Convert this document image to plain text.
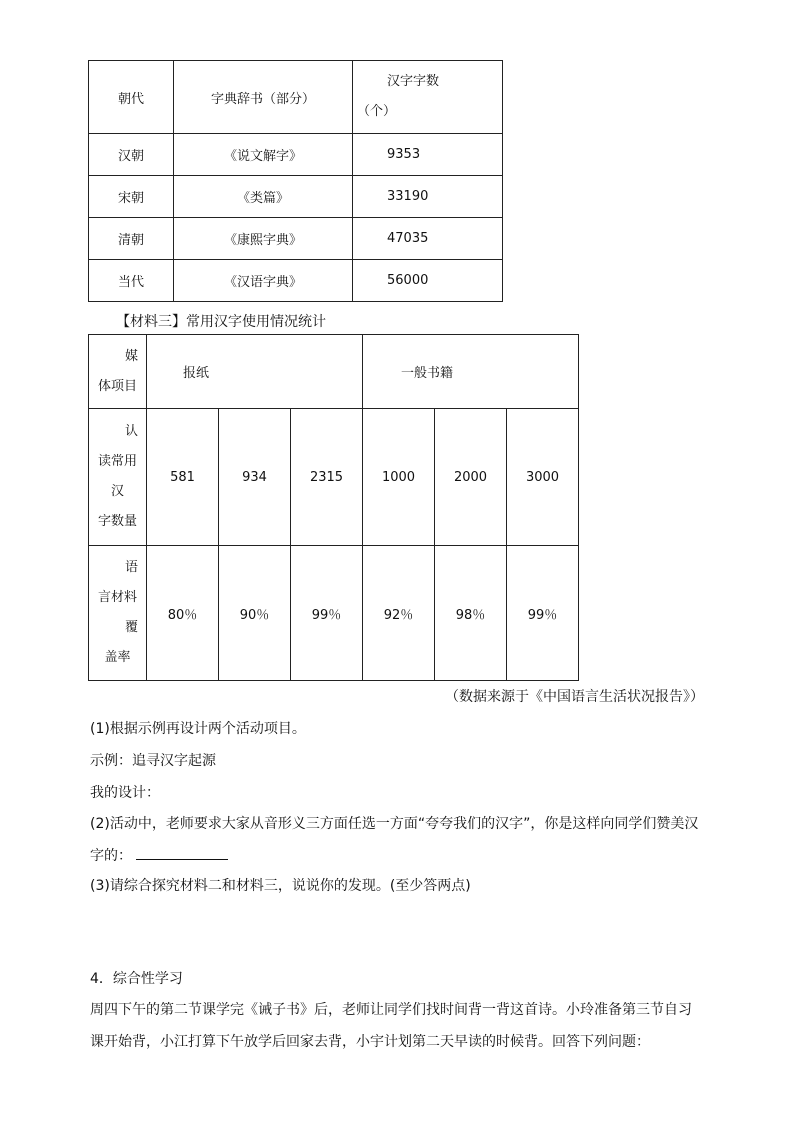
朝代	字典辞书（部分）	汉字字数
（个）

汉朝	《说文解字》	9353
宋朝	《类篇》	33190
清朝	《康熙字典》	47035
当代	《汉语字典》	56000
【材料三】常用汉字使用情况统计
媒
体项目	报纸			一般书籍		

认
读常用
汉
字数量	581	934	2315	1000	2000	3000

语
言材料
覆
盖率	80％	90％	99％	92％	98％	99％
（数据来源于《中国语言生活状况报告》）
(1)根据示例再设计两个活动项目。
示例：追寻汉字起源
我的设计：
(2)活动中，老师要求大家从音形义三方面任选一方面“夸夸我们的汉字”，你是这样向同学们赞美汉
字的：
(3)请综合探究材料二和材料三，说说你的发现。(至少答两点)
4．综合性学习
周四下午的第二节课学完《诫子书》后，老师让同学们找时间背一背这首诗。小玲准备第三节自习
课开始背，小江打算下午放学后回家去背，小宇计划第二天早读的时候背。回答下列问题：
